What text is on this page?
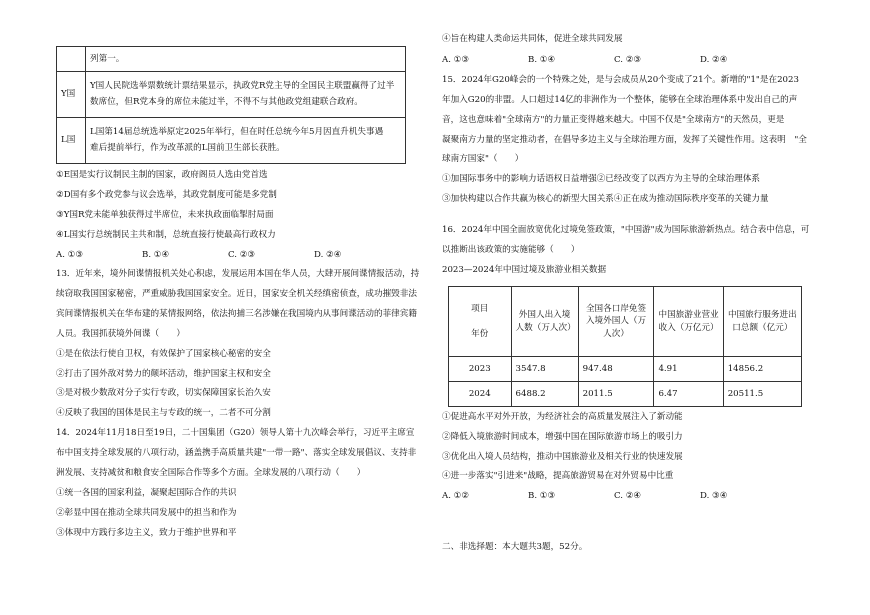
	列第一。
Y国	Y国人民院选举票数统计票结果显示，执政党R党主导的全国民主联盟赢得了过半
数席位，但R党本身的席位未能过半，不得不与其他政党组建联合政府。

L国	L国第14届总统选举原定2025年举行，但在时任总统今年5月因直升机失事遇
难后提前举行，作为改革派的L国前卫生部长获胜。
①E国是实行议制民主制的国家，政府阁员人选由党首选
②D国有多个政党参与议会选举，其政党制度可能是多党制
③Y国R党未能单独获得过半席位，未来执政面临掣肘局面
④L国实行总统制民主共和制，总统直接行使最高行政权力
A. ①③	B. ①④	C. ②③	D. ②④
13．近年来，境外间谍情报机关处心积虑，发展运用本国在华人员，大肆开展间谍情报活动，持
续窃取我国国家秘密，严重威胁我国国家安全。近日，国家安全机关经缜密侦查，成功摧毁非法
宾间谍情报机关在华布建的某情报网络，依法拘捕三名涉嫌在我国境内从事间谍活动的菲律宾籍
人员。我国抓获境外间谍（　　）
①是在依法行使自卫权，有效保护了国家核心秘密的安全
②打击了国外敌对势力的颠坏活动，维护国家主权和安全
③是对极少数敌对分子实行专政，切实保障国家长治久安
④反映了我国的国体是民主与专政的统一，二者不可分割
14．2024年11月18日至19日，二十国集团（G20）领导人第十九次峰会举行，习近平主席宣
布中国支持全球发展的八项行动，涵盖携手高质量共建"一带一路"、落实全球发展倡议、支持非
洲发展、支持减贫和粮食安全国际合作等多个方面。全球发展的八项行动（　　）
①统一各国的国家利益，凝聚起国际合作的共识
②彰显中国在推动全球共同发展中的担当和作为
③体现中方践行多边主义，致力于维护世界和平
④旨在构建人类命运共同体，促进全球共同发展
A. ①③	B. ①④	C. ②③	D. ②④
15．2024年G20峰会的一个特殊之处，是与会成员从20个变成了21个。新增的"1"是在2023
年加入G20的非盟。人口超过14亿的非洲作为一个整体，能够在全球治理体系中发出自己的声
音，这也意味着"全球南方"的力量正变得越来越大。中国不仅是"全球南方"的天然员，更是
凝聚南方力量的坚定推动者，在倡导多边主义与全球治理方面，发挥了关键性作用。这表明　"全
球南方国家"（　　）
①加国际事务中的影响力话语权日益增强②已经改变了以西方为主导的全球治理体系
③加快构建以合作共赢为核心的新型大国关系④正在成为推动国际秩序变革的关键力量
16．2024年中国全面放宽优化过境免签政策，"中国游"成为国际旅游新热点。结合表中信息，可
以推断出该政策的实施能够（　　）
2023—2024年中国过境及旅游业相关数据
项目
年份	外国人出入境人数（万人次）	全国各口岸免签入境外国人（万人次）	中国旅游业营业收入（万亿元）	中国旅行服务进出口总额（亿元）
2023	3547.8	947.48	4.91	14856.2
2024	6488.2	2011.5	6.47	20511.5
①促进高水平对外开放，为经济社会的高质量发展注入了新动能
②降低入境旅游时间成本，增强中国在国际旅游市场上的吸引力
③优化出入境人员结构，推动中国旅游业及相关行业的快速发展
④进一步落实"引进来"战略，提高旅游贸易在对外贸易中比重
A. ①②	B. ①③	C. ②④	D. ③④
二、非选择题：本大题共3题，52分。
